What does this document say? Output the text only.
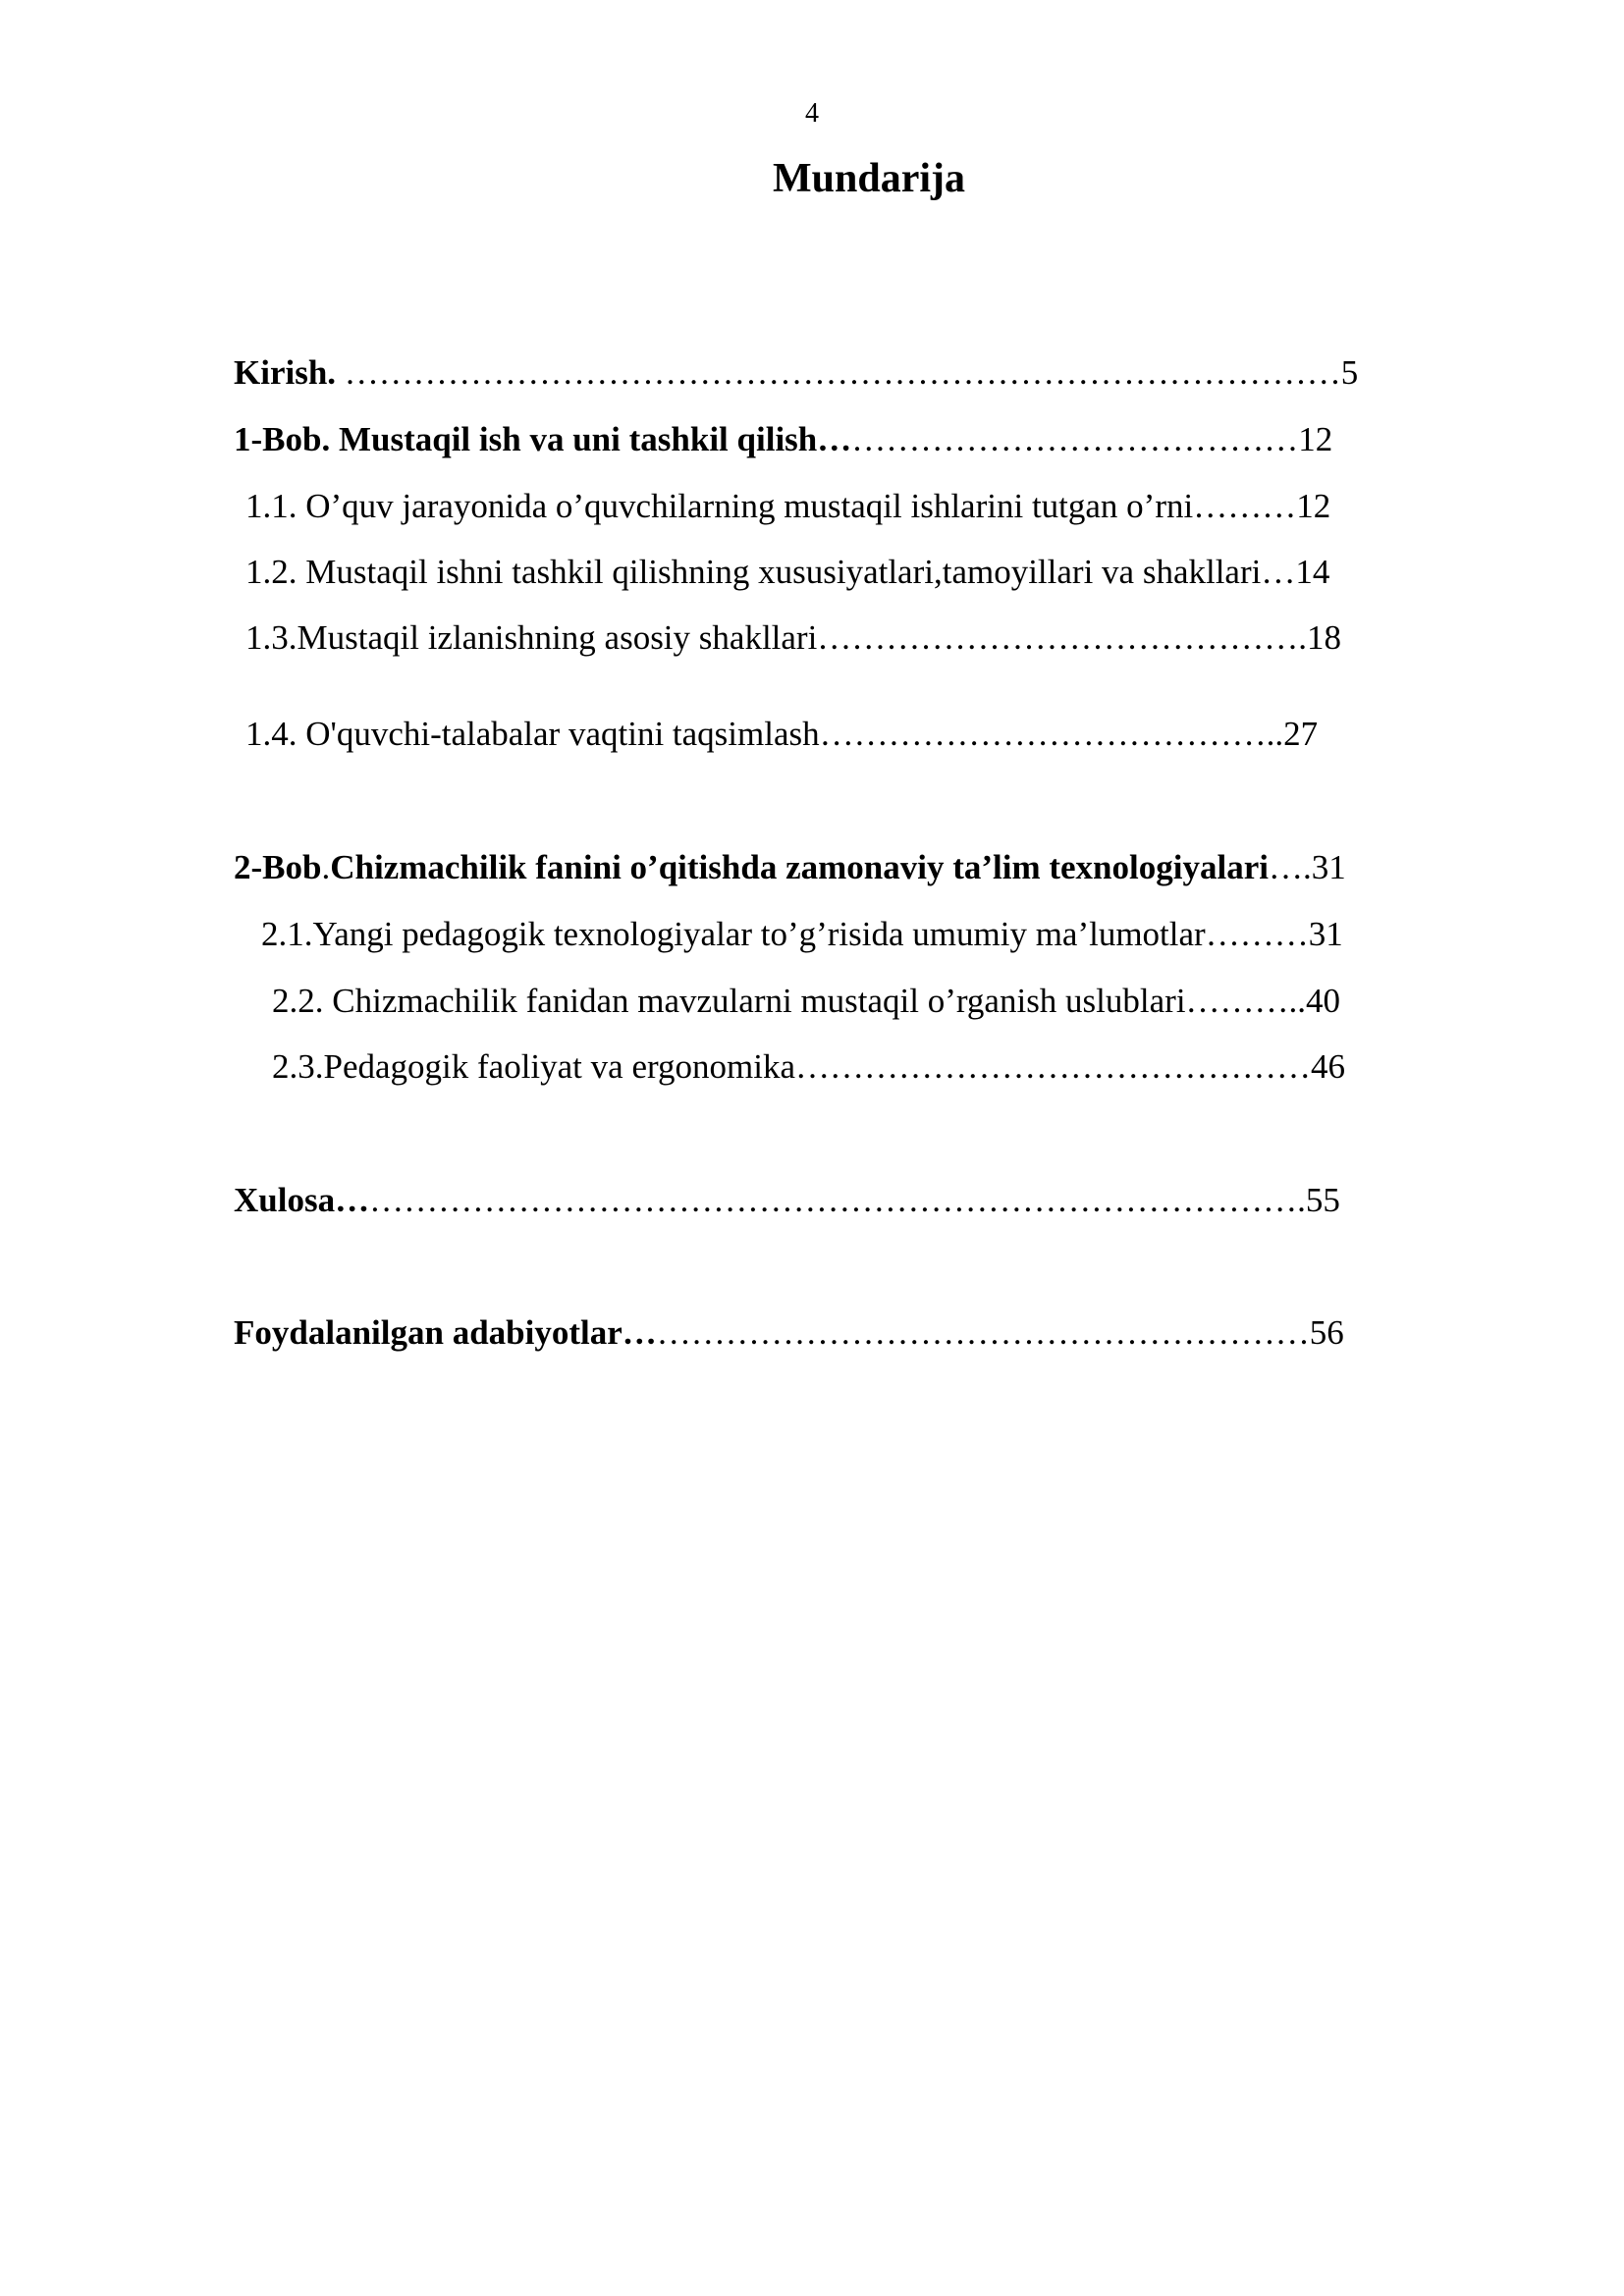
4
Mundarija
Kirish. ……………………………………………………………………………5
1-Bob. Mustaqil ish va uni tashkil qilish……………………………………12
1.1. O’quv jarayonida o’quvchilarning mustaqil ishlarini tutgan o’rni………12
1.2. Mustaqil ishni tashkil qilishning xususiyatlari,tamoyillari va shakllari…14
1.3.Mustaqil izlanishning asosiy shakllari…………………………………….18
1.4. O'quvchi-talabalar vaqtini taqsimlash…………………………………..27
2-Bob.Chizmachilik fanini o’qitishda zamonaviy ta’lim texnologiyalari….31
2.1.Yangi pedagogik texnologiyalar to’g’risida umumiy ma’lumotlar………31
2.2. Chizmachilik fanidan mavzularni mustaqil o’rganish uslublari………..40
2.3.Pedagogik faoliyat va ergonomika………………………………………46
Xulosa………………………………………………………………………….55
Foydalanilgan adabiyotlar……………………………………………………56
